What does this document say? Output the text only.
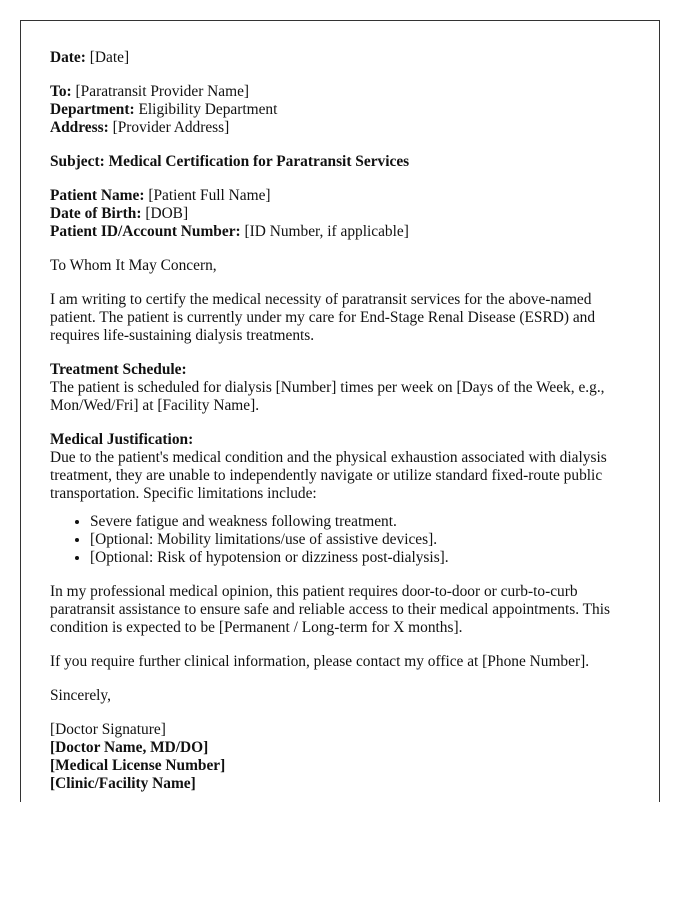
Date: [Date]

To: [Paratransit Provider Name]
Department: Eligibility Department
Address: [Provider Address]

Subject: Medical Certification for Paratransit Services

Patient Name: [Patient Full Name]
Date of Birth: [DOB]
Patient ID/Account Number: [ID Number, if applicable]

To Whom It May Concern,

I am writing to certify the medical necessity of paratransit services for the above-named patient. The patient is currently under my care for End-Stage Renal Disease (ESRD) and requires life-sustaining dialysis treatments.

Treatment Schedule:
The patient is scheduled for dialysis [Number] times per week on [Days of the Week, e.g., Mon/Wed/Fri] at [Facility Name].

Medical Justification:
Due to the patient's medical condition and the physical exhaustion associated with dialysis treatment, they are unable to independently navigate or utilize standard fixed-route public transportation. Specific limitations include:

• Severe fatigue and weakness following treatment.
• [Optional: Mobility limitations/use of assistive devices].
• [Optional: Risk of hypotension or dizziness post-dialysis].

In my professional medical opinion, this patient requires door-to-door or curb-to-curb paratransit assistance to ensure safe and reliable access to their medical appointments. This condition is expected to be [Permanent / Long-term for X months].

If you require further clinical information, please contact my office at [Phone Number].

Sincerely,

[Doctor Signature]
[Doctor Name, MD/DO]
[Medical License Number]
[Clinic/Facility Name]
